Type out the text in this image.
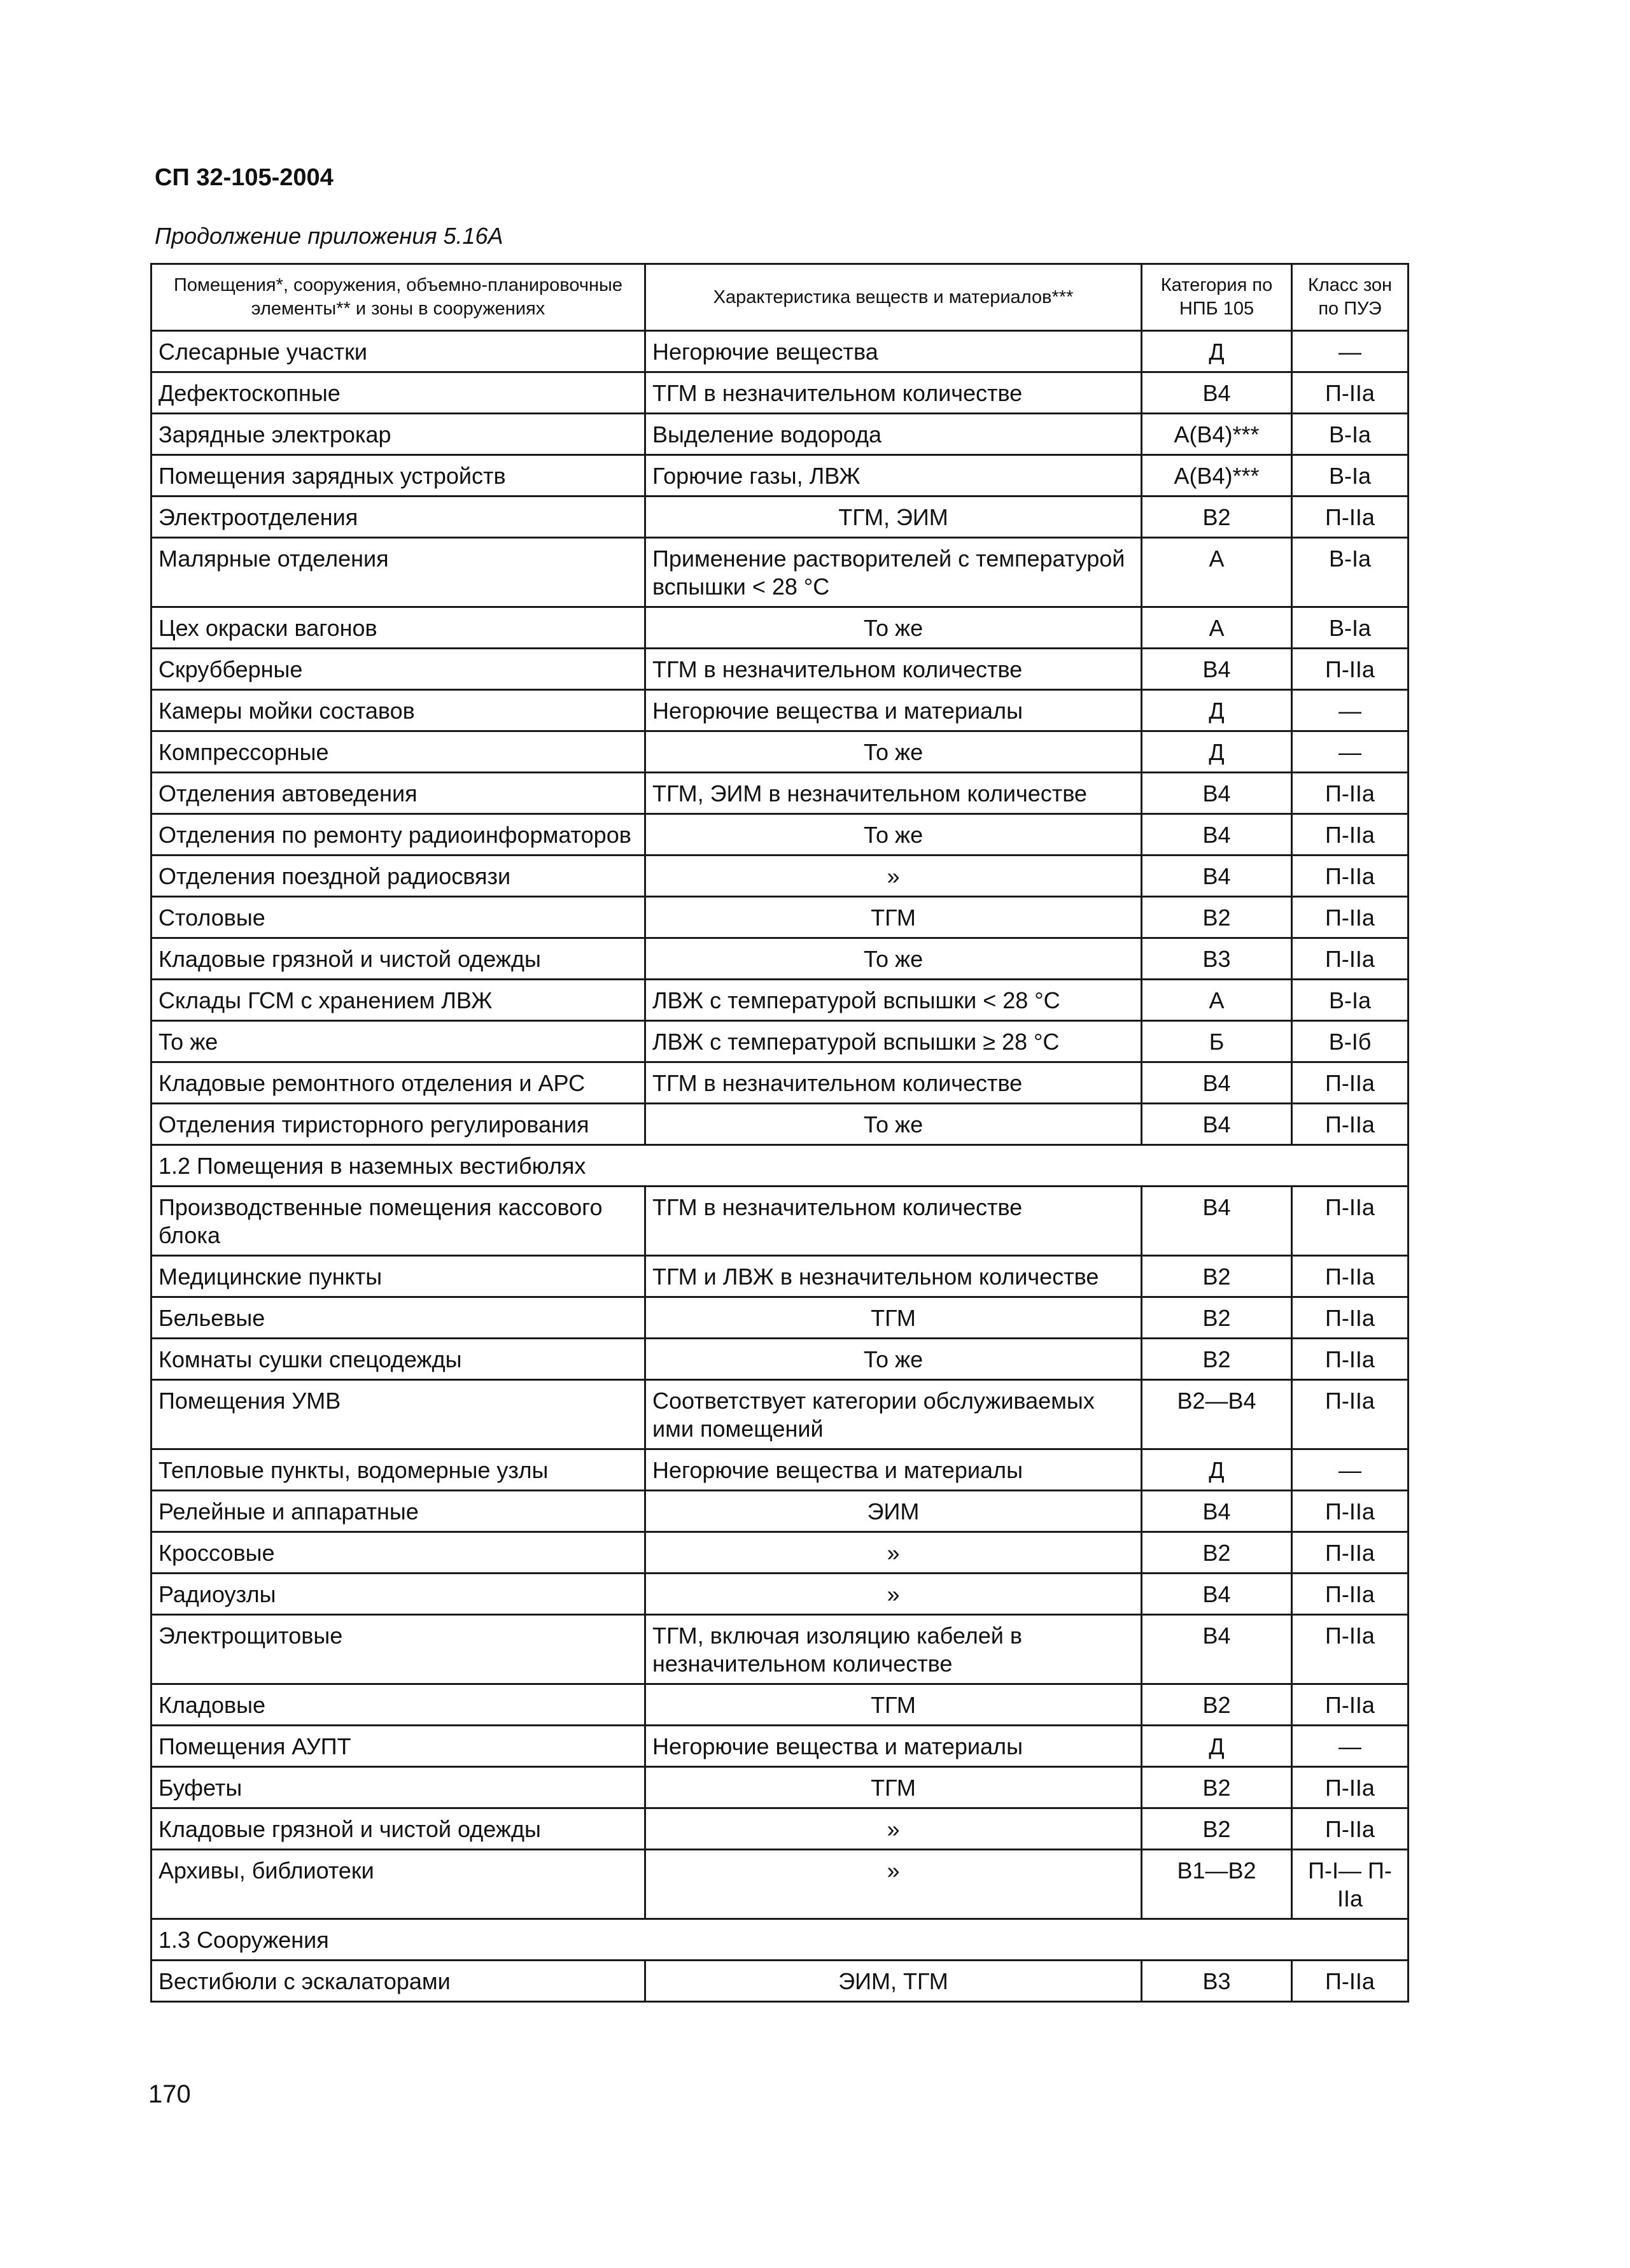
СП 32-105-2004
Продолжение приложения 5.16А
Помещения*, сооружения, объемно-планировочные элементы** и зоны в сооружениях	Характеристика веществ и материалов***	Категория по НПБ 105	Класс зон по ПУЭ
Слесарные участки	Негорючие вещества	Д	—
Дефектоскопные	ТГМ в незначительном количестве	В4	П-IIа
Зарядные электрокар	Выделение водорода	А(В4)***	В-Iа
Помещения зарядных устройств	Горючие газы, ЛВЖ	А(В4)***	В-Iа
Электроотделения	ТГМ, ЭИМ	В2	П-IIа
Малярные отделения	Применение растворителей с температурой вспышки < 28 °С	А	В-Iа
Цех окраски вагонов	То же	А	В-Iа
Скрубберные	ТГМ в незначительном количестве	В4	П-IIа
Камеры мойки составов	Негорючие вещества и материалы	Д	—
Компрессорные	То же	Д	—
Отделения автоведения	ТГМ, ЭИМ в незначительном количестве	В4	П-IIа
Отделения по ремонту радиоинформаторов	То же	В4	П-IIа
Отделения поездной радиосвязи	»	В4	П-IIа
Столовые	ТГМ	В2	П-IIа
Кладовые грязной и чистой одежды	То же	В3	П-IIа
Склады ГСМ с хранением ЛВЖ	ЛВЖ с температурой вспышки < 28 °С	А	В-Iа
То же	ЛВЖ с температурой вспышки ≥ 28 °С	Б	В-Iб
Кладовые ремонтного отделения и АРС	ТГМ в незначительном количестве	В4	П-IIа
Отделения тиристорного регулирования	То же	В4	П-IIа
1.2 Помещения в наземных вестибюлях			
Производственные помещения кассового блока	ТГМ в незначительном количестве	В4	П-IIа
Медицинские пункты	ТГМ и ЛВЖ в незначительном количестве	В2	П-IIа
Бельевые	ТГМ	В2	П-IIа
Комнаты сушки спецодежды	То же	В2	П-IIа
Помещения УМВ	Соответствует категории обслуживаемых ими помещений	В2—В4	П-IIа
Тепловые пункты, водомерные узлы	Негорючие вещества и материалы	Д	—
Релейные и аппаратные	ЭИМ	В4	П-IIа
Кроссовые	»	В2	П-IIа
Радиоузлы	»	В4	П-IIа
Электрощитовые	ТГМ, включая изоляцию кабелей в незначительном количестве	В4	П-IIа
Кладовые	ТГМ	В2	П-IIа
Помещения АУПТ	Негорючие вещества и материалы	Д	—
Буфеты	ТГМ	В2	П-IIа
Кладовые грязной и чистой одежды	»	В2	П-IIа
Архивы, библиотеки	»	В1—В2	П-I— П-IIа
1.3 Сооружения			
Вестибюли с эскалаторами	ЭИМ, ТГМ	В3	П-IIа
170
